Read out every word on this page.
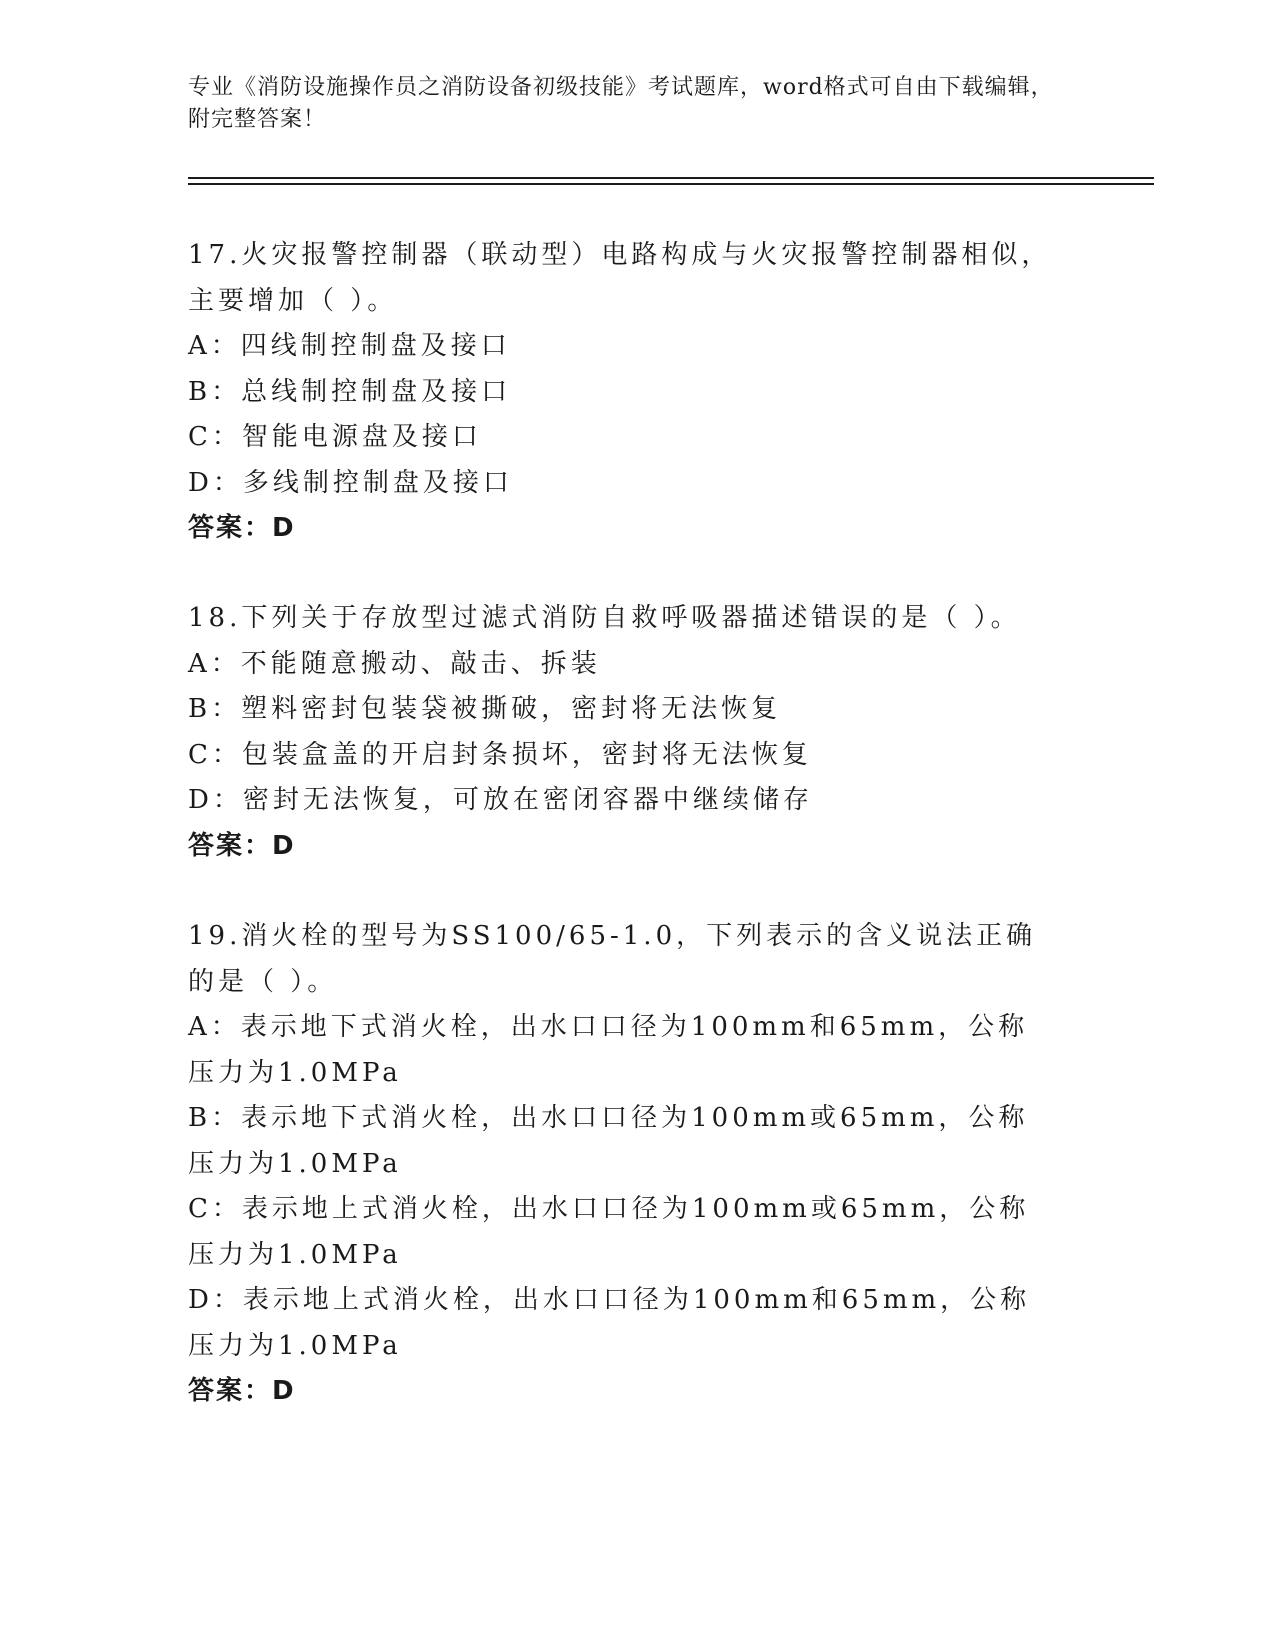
专业《消防设施操作员之消防设备初级技能》考试题库，word格式可自由下载编辑，附完整答案！
17.火灾报警控制器（联动型）电路构成与火灾报警控制器相似，主要增加（ ）。
A：四线制控制盘及接口
B：总线制控制盘及接口
C：智能电源盘及接口
D：多线制控制盘及接口
答案：D
18.下列关于存放型过滤式消防自救呼吸器描述错误的是（ ）。
A：不能随意搬动、敲击、拆装
B：塑料密封包装袋被撕破，密封将无法恢复
C：包装盒盖的开启封条损坏，密封将无法恢复
D：密封无法恢复，可放在密闭容器中继续储存
答案：D
19.消火栓的型号为SS100/65-1.0，下列表示的含义说法正确的是（ ）。
A：表示地下式消火栓，出水口口径为100mm和65mm，公称压力为1.0MPa
B：表示地下式消火栓，出水口口径为100mm或65mm，公称压力为1.0MPa
C：表示地上式消火栓，出水口口径为100mm或65mm，公称压力为1.0MPa
D：表示地上式消火栓，出水口口径为100mm和65mm，公称压力为1.0MPa
答案：D
